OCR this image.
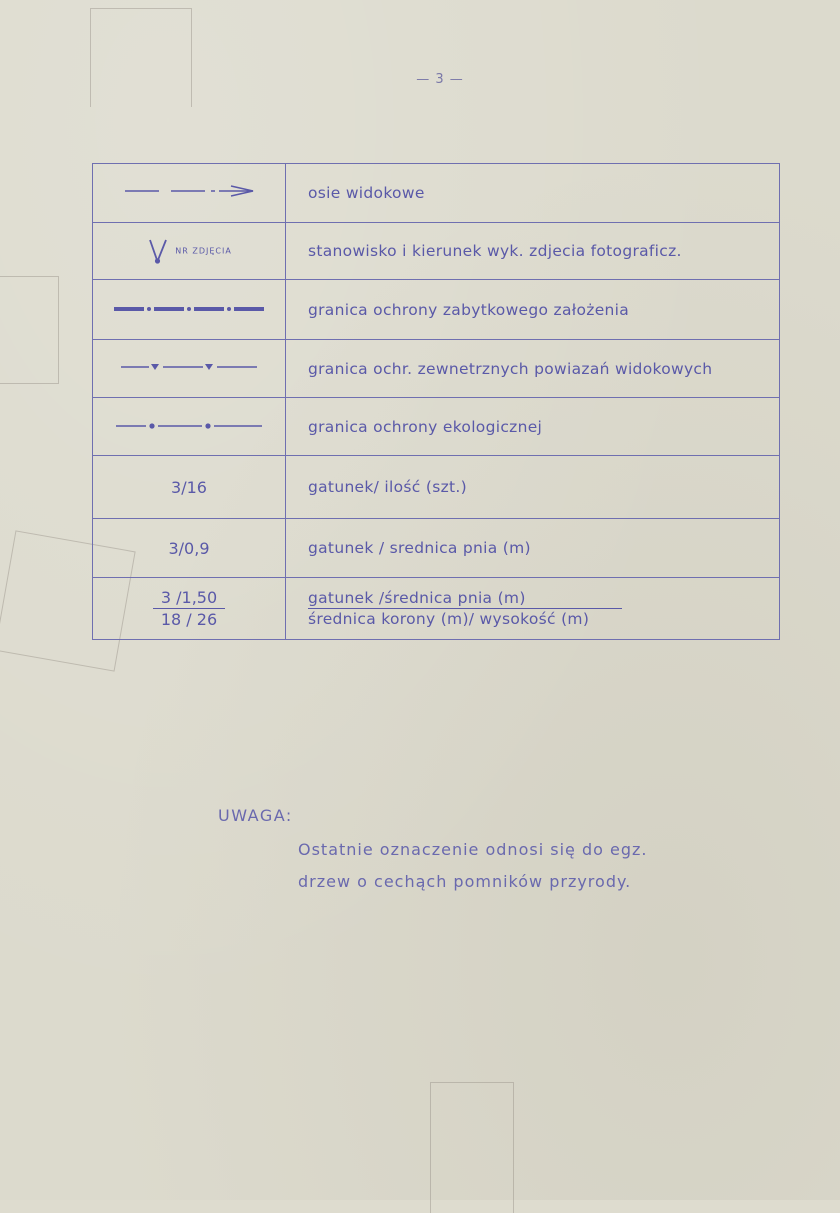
— 3 —
	osie widokowe
NR ZDJĘCIA	stanowisko i kierunek wyk. zdjecia fotograficz.
	granica ochrony zabytkowego założenia
	granica ochr. zewnetrznych powiazań widokowych
	granica ochrony ekologicznej
3/16	gatunek/ ilość (szt.)
3/0,9	gatunek / srednica pnia (m)

$\frac{3 /1,50}{18 / 26}$	$\frac{\text{gatunek /średnica pnia (m)}}{\text{średnica korony (m)/ wysokość (m)}}$
UWAGA:
Ostatnie oznaczenie odnosi się do egz.
drzew o cechąch pomników przyrody.
